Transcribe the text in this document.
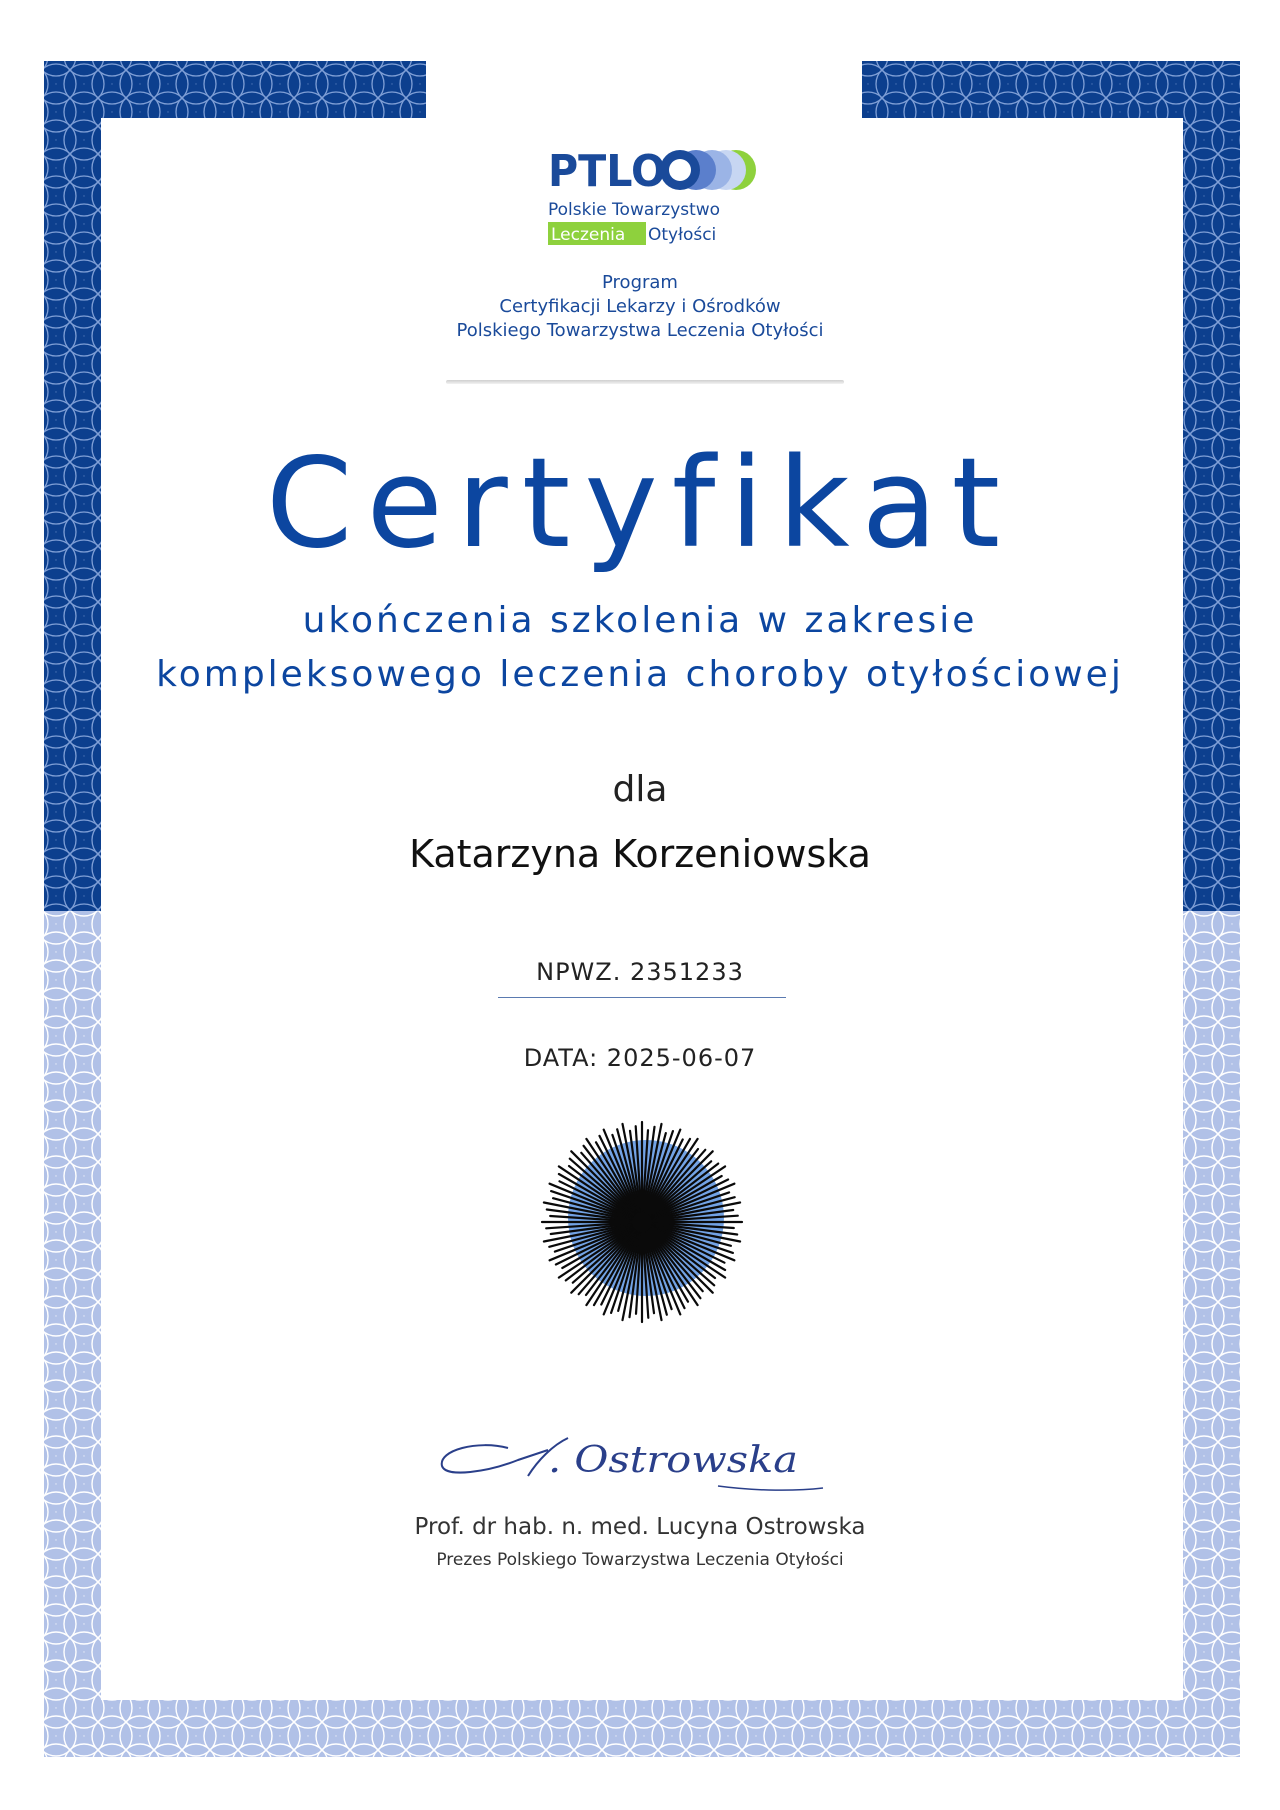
PTLO
Polskie Towarzystwo
Leczenia Otyłości
Program
Certyfikacji Lekarzy i Ośrodków
Polskiego Towarzystwa Leczenia Otyłości
Certyfikat
ukończenia szkolenia w zakresie
kompleksowego leczenia choroby otyłościowej
dla
Katarzyna Korzeniowska
NPWZ. 2351233
DATA: 2025-06-07
. Ostrowska
Prof. dr hab. n. med. Lucyna Ostrowska
Prezes Polskiego Towarzystwa Leczenia Otyłości
